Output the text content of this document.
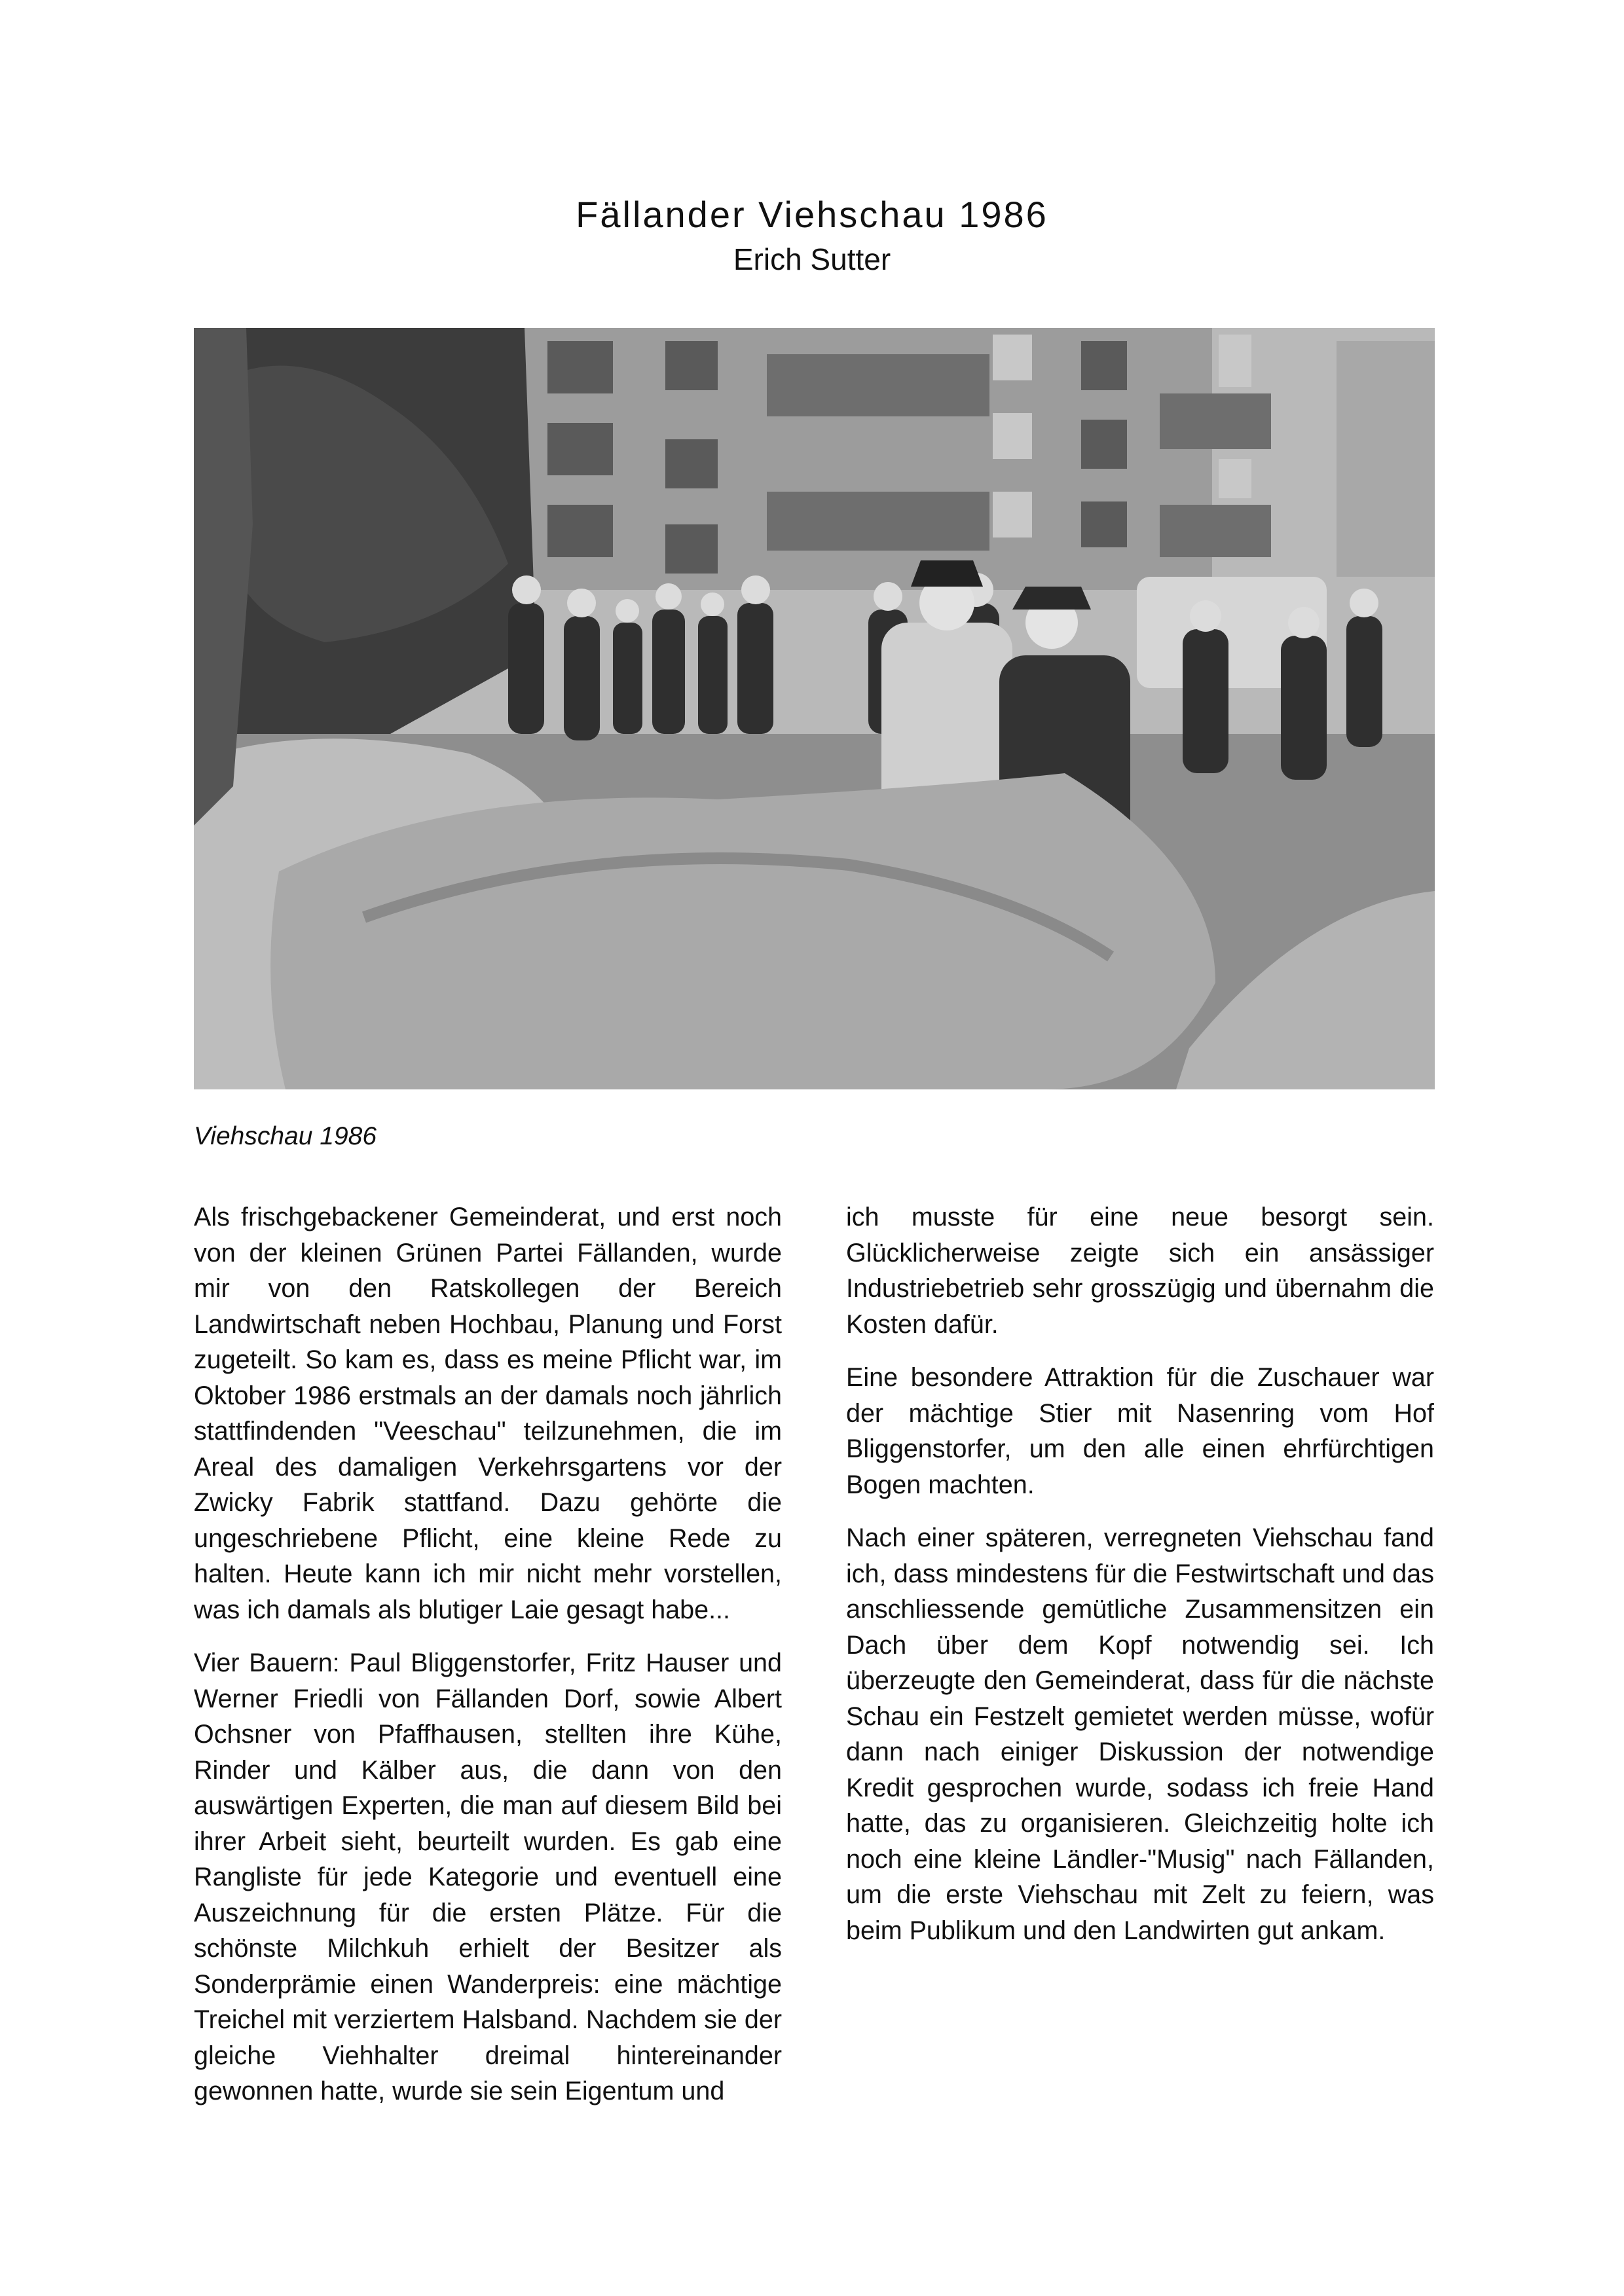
Fällander Viehschau 1986
Erich Sutter
Viehschau 1986

Als frischgebackener Gemeinderat, und erst noch von der kleinen Grünen Partei Fällanden, wurde mir von den Ratskollegen der Bereich Landwirtschaft neben Hochbau, Planung und Forst zugeteilt. So kam es, dass es meine Pflicht war, im Oktober 1986 erstmals an der damals noch jährlich stattfindenden "Veeschau" teilzunehmen, die im Areal des damaligen Verkehrsgartens vor der Zwicky Fabrik stattfand. Dazu gehörte die ungeschriebene Pflicht, eine kleine Rede zu halten. Heute kann ich mir nicht mehr vorstellen, was ich damals als blutiger Laie gesagt habe...

Vier Bauern: Paul Bliggenstorfer, Fritz Hauser und Werner Friedli von Fällanden Dorf, sowie Albert Ochsner von Pfaffhausen, stellten ihre Kühe, Rinder und Kälber aus, die dann von den auswärtigen Experten, die man auf diesem Bild bei ihrer Arbeit sieht, beurteilt wurden. Es gab eine Rangliste für jede Kategorie und eventuell eine Auszeichnung für die ersten Plätze. Für die schönste Milchkuh erhielt der Besitzer als Sonderprämie einen Wanderpreis: eine mächtige Treichel mit verziertem Halsband. Nachdem sie der gleiche Viehhalter dreimal hintereinander gewonnen hatte, wurde sie sein Eigentum und

ich musste für eine neue besorgt sein. Glücklicherweise zeigte sich ein ansässiger Industriebetrieb sehr grosszügig und übernahm die Kosten dafür.

Eine besondere Attraktion für die Zuschauer war der mächtige Stier mit Nasenring vom Hof Bliggenstorfer, um den alle einen ehrfürchtigen Bogen machten.

Nach einer späteren, verregneten Viehschau fand ich, dass mindestens für die Festwirtschaft und das anschliessende gemütliche Zusammensitzen ein Dach über dem Kopf notwendig sei. Ich überzeugte den Gemeinderat, dass für die nächste Schau ein Festzelt gemietet werden müsse, wofür dann nach einiger Diskussion der notwendige Kredit gesprochen wurde, sodass ich freie Hand hatte, das zu organisieren. Gleichzeitig holte ich noch eine kleine Ländler-"Musig" nach Fällanden, um die erste Viehschau mit Zelt zu feiern, was beim Publikum und den Landwirten gut ankam.
